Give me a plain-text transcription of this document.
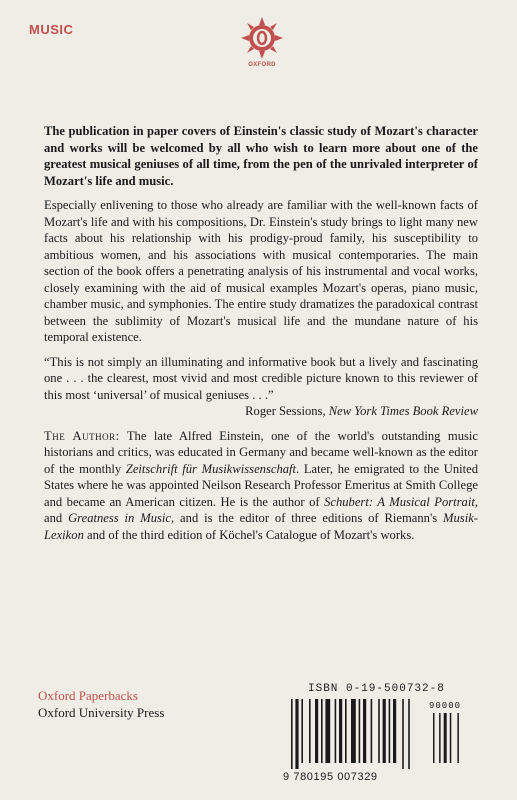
MUSIC
OXFORD

The publication in paper covers of Einstein's classic study of Mozart's character and works will be welcomed by all who wish to learn more about one of the greatest musical geniuses of all time, from the pen of the unrivaled interpreter of Mozart's life and music.

Especially enlivening to those who already are familiar with the well-known facts of Mozart's life and with his compositions, Dr. Einstein's study brings to light many new facts about his relationship with his prodigy-proud family, his susceptibility to ambitious women, and his associations with musical contemporaries. The main section of the book offers a penetrating analysis of his instrumental and vocal works, closely examining with the aid of musical examples Mozart's operas, piano music, chamber music, and symphonies. The entire study dramatizes the paradoxical contrast between the sublimity of Mozart's musical life and the mundane nature of his temporal existence.

“This is not simply an illuminating and informative book but a lively and fascinating one . . . the clearest, most vivid and most credible picture known to this reviewer of this most ‘universal’ of musical geniuses . . .”

Roger Sessions, New York Times Book Review

The Author: The late Alfred Einstein, one of the world's outstanding music historians and critics, was educated in Germany and became well-known as the editor of the monthly Zeitschrift für Musikwissenschaft. Later, he emigrated to the United States where he was appointed Neilson Research Professor Emeritus at Smith College and became an American citizen. He is the author of Schubert: A Musical Portrait, and Greatness in Music, and is the editor of three editions of Riemann's Musik-Lexikon and of the third edition of Köchel's Catalogue of Mozart's works.

Oxford Paperbacks
Oxford University Press
ISBN 0-19-500732-8
90000
9 780195 007329
